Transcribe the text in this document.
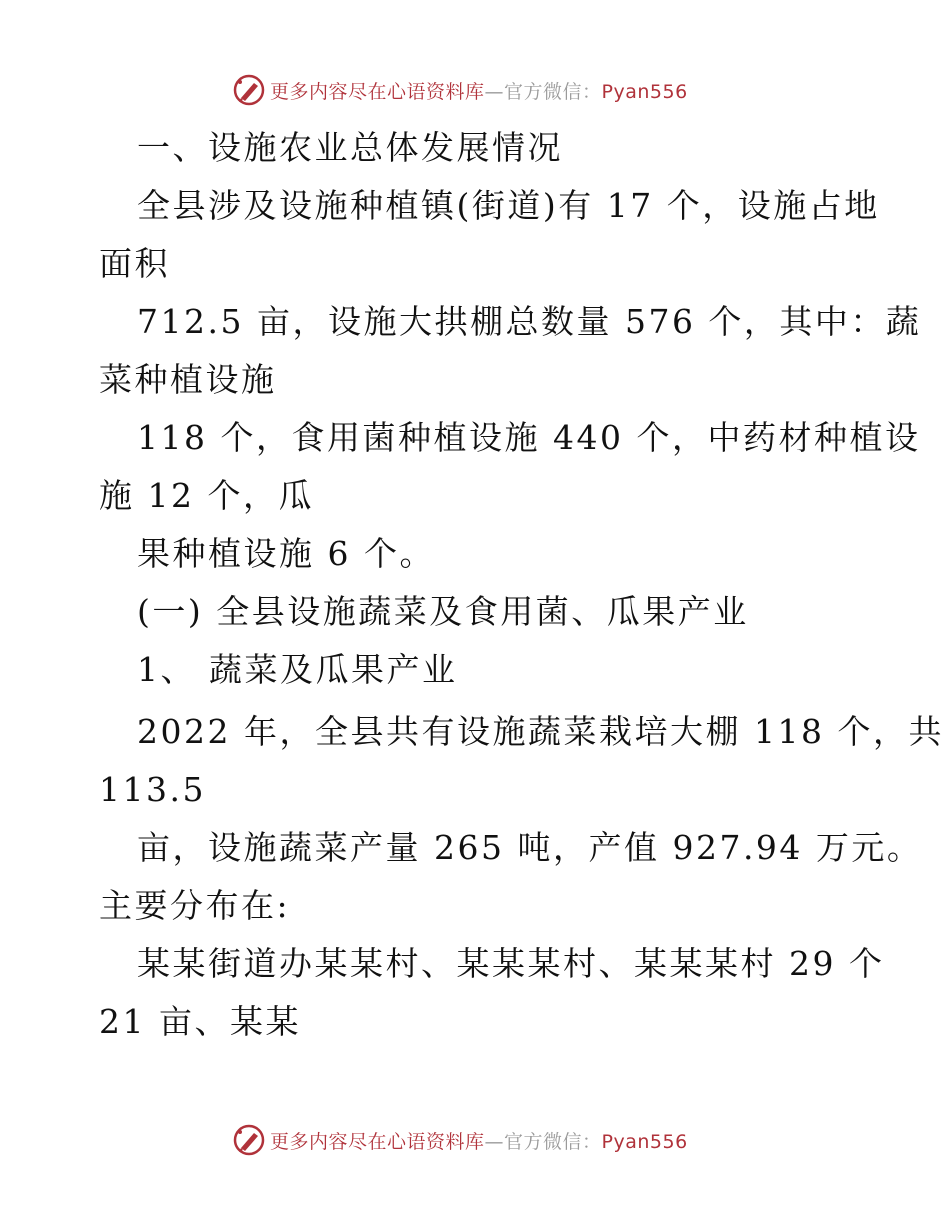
更多内容尽在心语资料库—官方微信：Pyan556
一、设施农业总体发展情况
全县涉及设施种植镇(街道)有 17 个，设施占地
面积
712.5 亩，设施大拱棚总数量 576 个，其中：蔬
菜种植设施
118 个，食用菌种植设施 440 个，中药材种植设
施 12 个，瓜
果种植设施 6 个。
(一) 全县设施蔬菜及食用菌、瓜果产业
1、 蔬菜及瓜果产业
2022 年，全县共有设施蔬菜栽培大棚 118 个，共
113.5
亩，设施蔬菜产量 265 吨，产值 927.94 万元。
主要分布在:
某某街道办某某村、某某某村、某某某村 29 个
21 亩、某某
更多内容尽在心语资料库—官方微信：Pyan556
